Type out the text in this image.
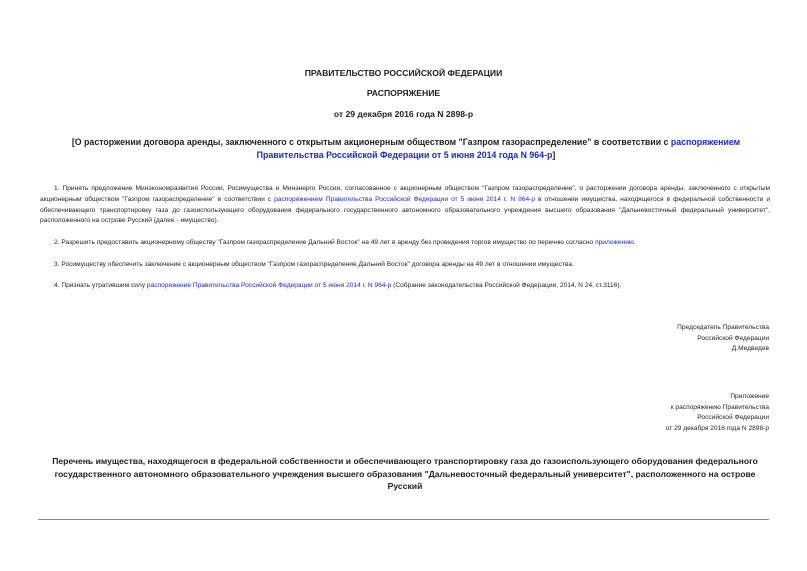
ПРАВИТЕЛЬСТВО РОССИЙСКОЙ ФЕДЕРАЦИИ
РАСПОРЯЖЕНИЕ
от 29 декабря 2016 года N 2898-р
[О расторжении договора аренды, заключенного с открытым акционерным обществом "Газпром газораспределение" в соответствии с распоряжением Правительства Российской Федерации от 5 июня 2014 года N 964-р]
1. Принять предложение Минэкономразвития России, Росимущества и Минэнерго России, согласованное с акционерным обществом "Газпром газораспределение", о расторжении договора аренды, заключенного с открытым акционерным обществом "Газпром газораспределение" в соответствии с распоряжением Правительства Российской Федерации от 5 июня 2014 г. N 964-р в отношении имущества, находящегося в федеральной собственности и обеспечивающего транспортировку газа до газоиспользующего оборудования федерального государственного автономного образовательного учреждения высшего образования "Дальневосточный федеральный университет", расположенного на острове Русский (далее - имущество).
2. Разрешить предоставить акционерному обществу "Газпром газораспределение Дальний Восток" на 49 лет в аренду без проведения торгов имущество по перечню согласно приложению.
3. Росимуществу обеспечить заключение с акционерным обществом "Газпром газораспределение Дальний Восток" договора аренды на 49 лет в отношении имущества.
4. Признать утратившим силу распоряжение Правительства Российской Федерации от 5 июня 2014 г. N 964-р (Собрание законодательства Российской Федерации, 2014, N 24, ст.3116).
Председатель Правительства
Российской Федерации
Д.Медведев
Приложение
к распоряжению Правительства
Российской Федерации
от 29 декабря 2016 года N 2898-р
Перечень имущества, находящегося в федеральной собственности и обеспечивающего транспортировку газа до газоиспользующего оборудования федерального государственного автономного образовательного учреждения высшего образования "Дальневосточный федеральный университет", расположенного на острове Русский
